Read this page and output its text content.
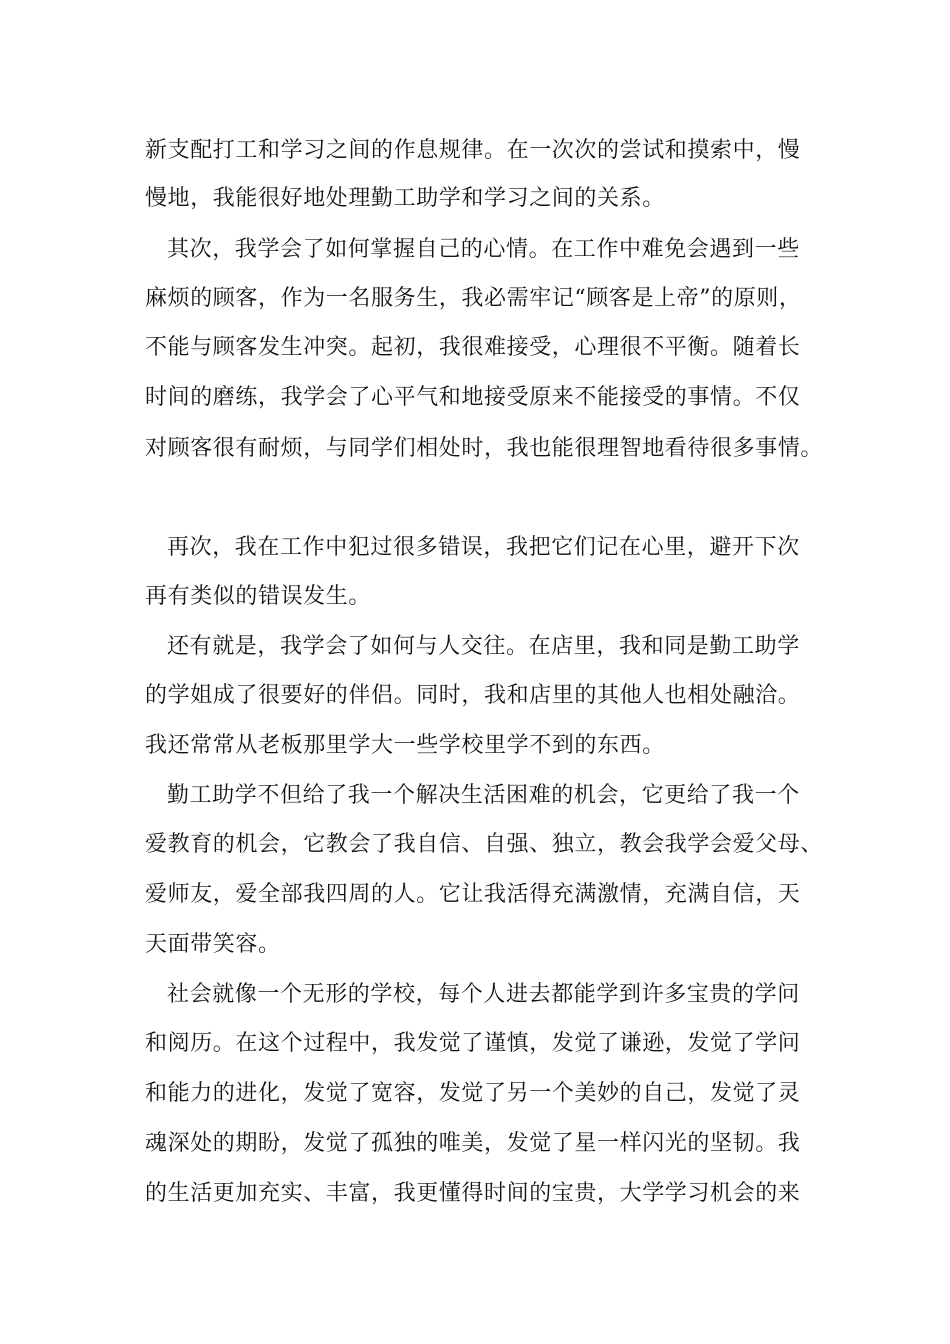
新支配打工和学习之间的作息规律。在一次次的尝试和摸索中，慢
慢地，我能很好地处理勤工助学和学习之间的关系。
其次，我学会了如何掌握自己的心情。在工作中难免会遇到一些
麻烦的顾客，作为一名服务生，我必需牢记“顾客是上帝”的原则，
不能与顾客发生冲突。起初，我很难接受，心理很不平衡。随着长
时间的磨练，我学会了心平气和地接受原来不能接受的事情。不仅
对顾客很有耐烦，与同学们相处时，我也能很理智地看待很多事情。
再次，我在工作中犯过很多错误，我把它们记在心里，避开下次
再有类似的错误发生。
还有就是，我学会了如何与人交往。在店里，我和同是勤工助学
的学姐成了很要好的伴侣。同时，我和店里的其他人也相处融洽。
我还常常从老板那里学大一些学校里学不到的东西。
勤工助学不但给了我一个解决生活困难的机会，它更给了我一个
爱教育的机会，它教会了我自信、自强、独立，教会我学会爱父母、
爱师友，爱全部我四周的人。它让我活得充满激情，充满自信，天
天面带笑容。
社会就像一个无形的学校，每个人进去都能学到许多宝贵的学问
和阅历。在这个过程中，我发觉了谨慎，发觉了谦逊，发觉了学问
和能力的进化，发觉了宽容，发觉了另一个美妙的自己，发觉了灵
魂深处的期盼，发觉了孤独的唯美，发觉了星一样闪光的坚韧。我
的生活更加充实、丰富，我更懂得时间的宝贵，大学学习机会的来
